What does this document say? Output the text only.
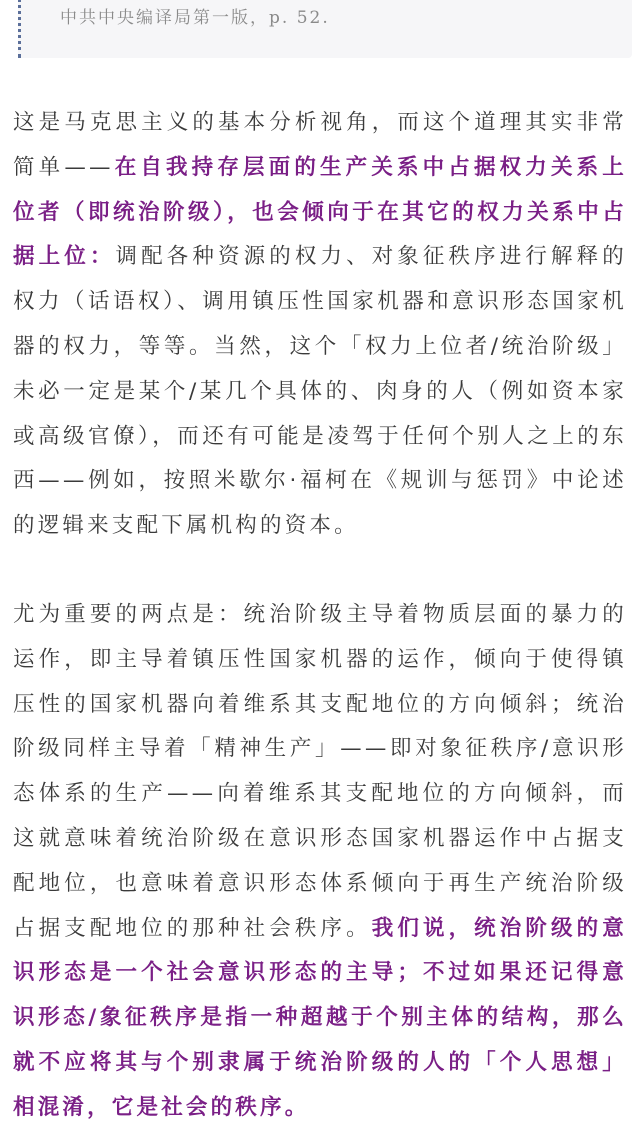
中共中央编译局第一版，p. 52.

这是马克思主义的基本分析视角，而这个道理其实非常简单——在自我持存层面的生产关系中占据权力关系上位者（即统治阶级），也会倾向于在其它的权力关系中占据上位：调配各种资源的权力、对象征秩序进行解释的权力（话语权）、调用镇压性国家机器和意识形态国家机器的权力，等等。当然，这个「权力上位者/统治阶级」未必一定是某个/某几个具体的、肉身的人（例如资本家或高级官僚），而还有可能是凌驾于任何个别人之上的东西——例如，按照米歇尔·福柯在《规训与惩罚》中论述的逻辑来支配下属机构的资本。

尤为重要的两点是：统治阶级主导着物质层面的暴力的运作，即主导着镇压性国家机器的运作，倾向于使得镇压性的国家机器向着维系其支配地位的方向倾斜；统治阶级同样主导着「精神生产」——即对象征秩序/意识形态体系的生产——向着维系其支配地位的方向倾斜，而这就意味着统治阶级在意识形态国家机器运作中占据支配地位，也意味着意识形态体系倾向于再生产统治阶级占据支配地位的那种社会秩序。我们说，统治阶级的意识形态是一个社会意识形态的主导；不过如果还记得意识形态/象征秩序是指一种超越于个别主体的结构，那么就不应将其与个别隶属于统治阶级的人的「个人思想」相混淆，它是社会的秩序。
